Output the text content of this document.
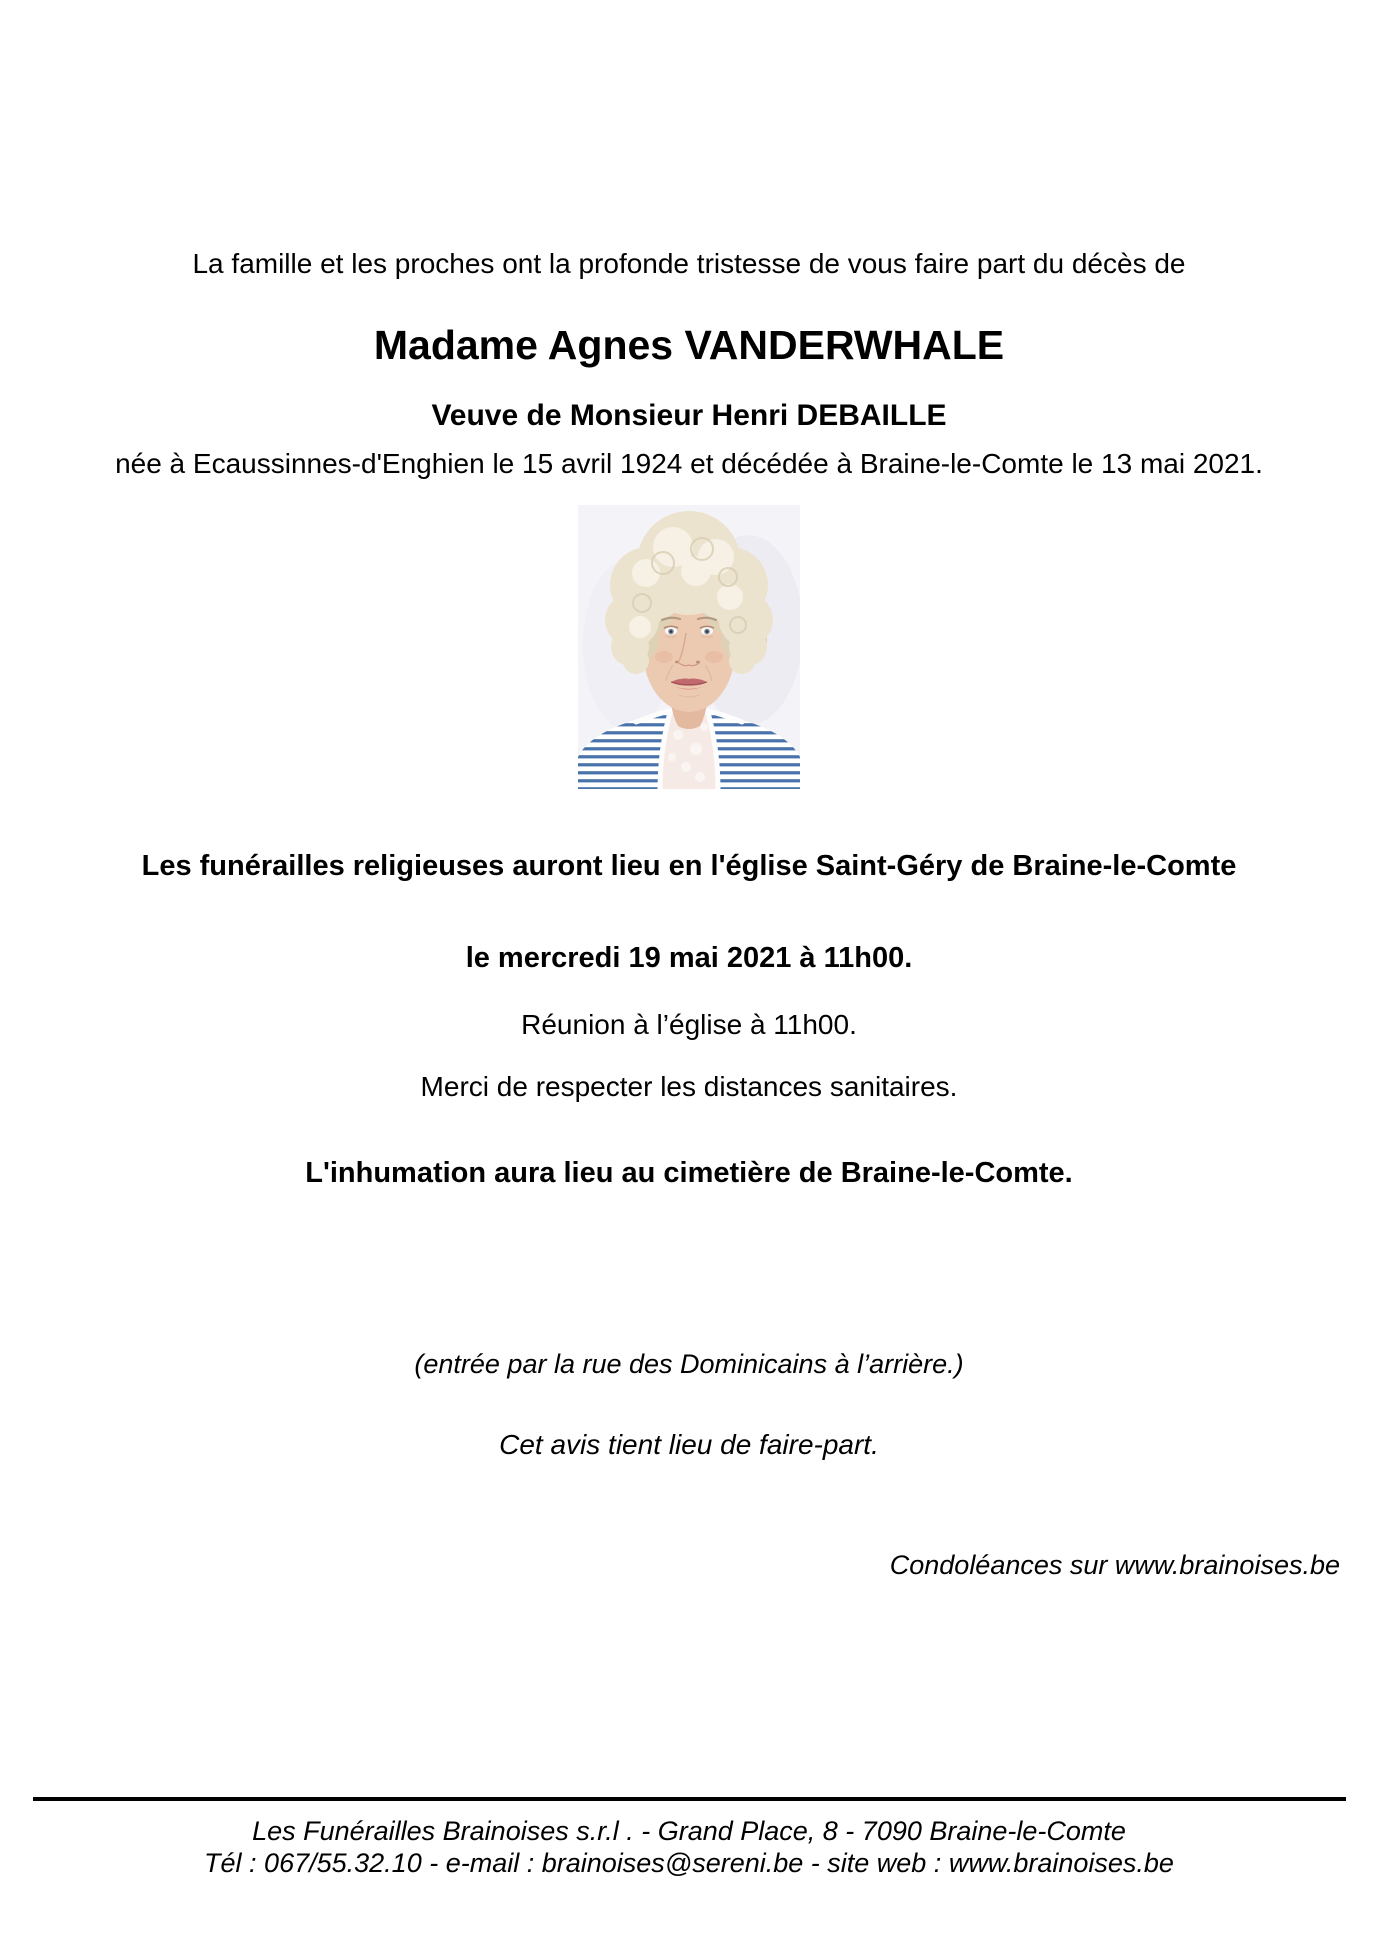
La famille et les proches ont la profonde tristesse de vous faire part du décès de

Madame Agnes VANDERWHALE
Veuve de Monsieur Henri DEBAILLE

née à Ecaussinnes-d'Enghien le 15 avril 1924 et décédée à Braine-le-Comte le 13 mai 2021.

Les funérailles religieuses auront lieu en l'église Saint-Géry de Braine-le-Comte

le mercredi 19 mai 2021 à 11h00.

Réunion à l’église à 11h00.

Merci de respecter les distances sanitaires.

L'inhumation aura lieu au cimetière de Braine-le-Comte.

(entrée par la rue des Dominicains à l’arrière.)

Cet avis tient lieu de faire-part.

Condoléances sur www.brainoises.be

Les Funérailles Brainoises s.r.l . - Grand Place, 8 - 7090 Braine-le-Comte

Tél : 067/55.32.10 - e-mail : brainoises@sereni.be - site web : www.brainoises.be
